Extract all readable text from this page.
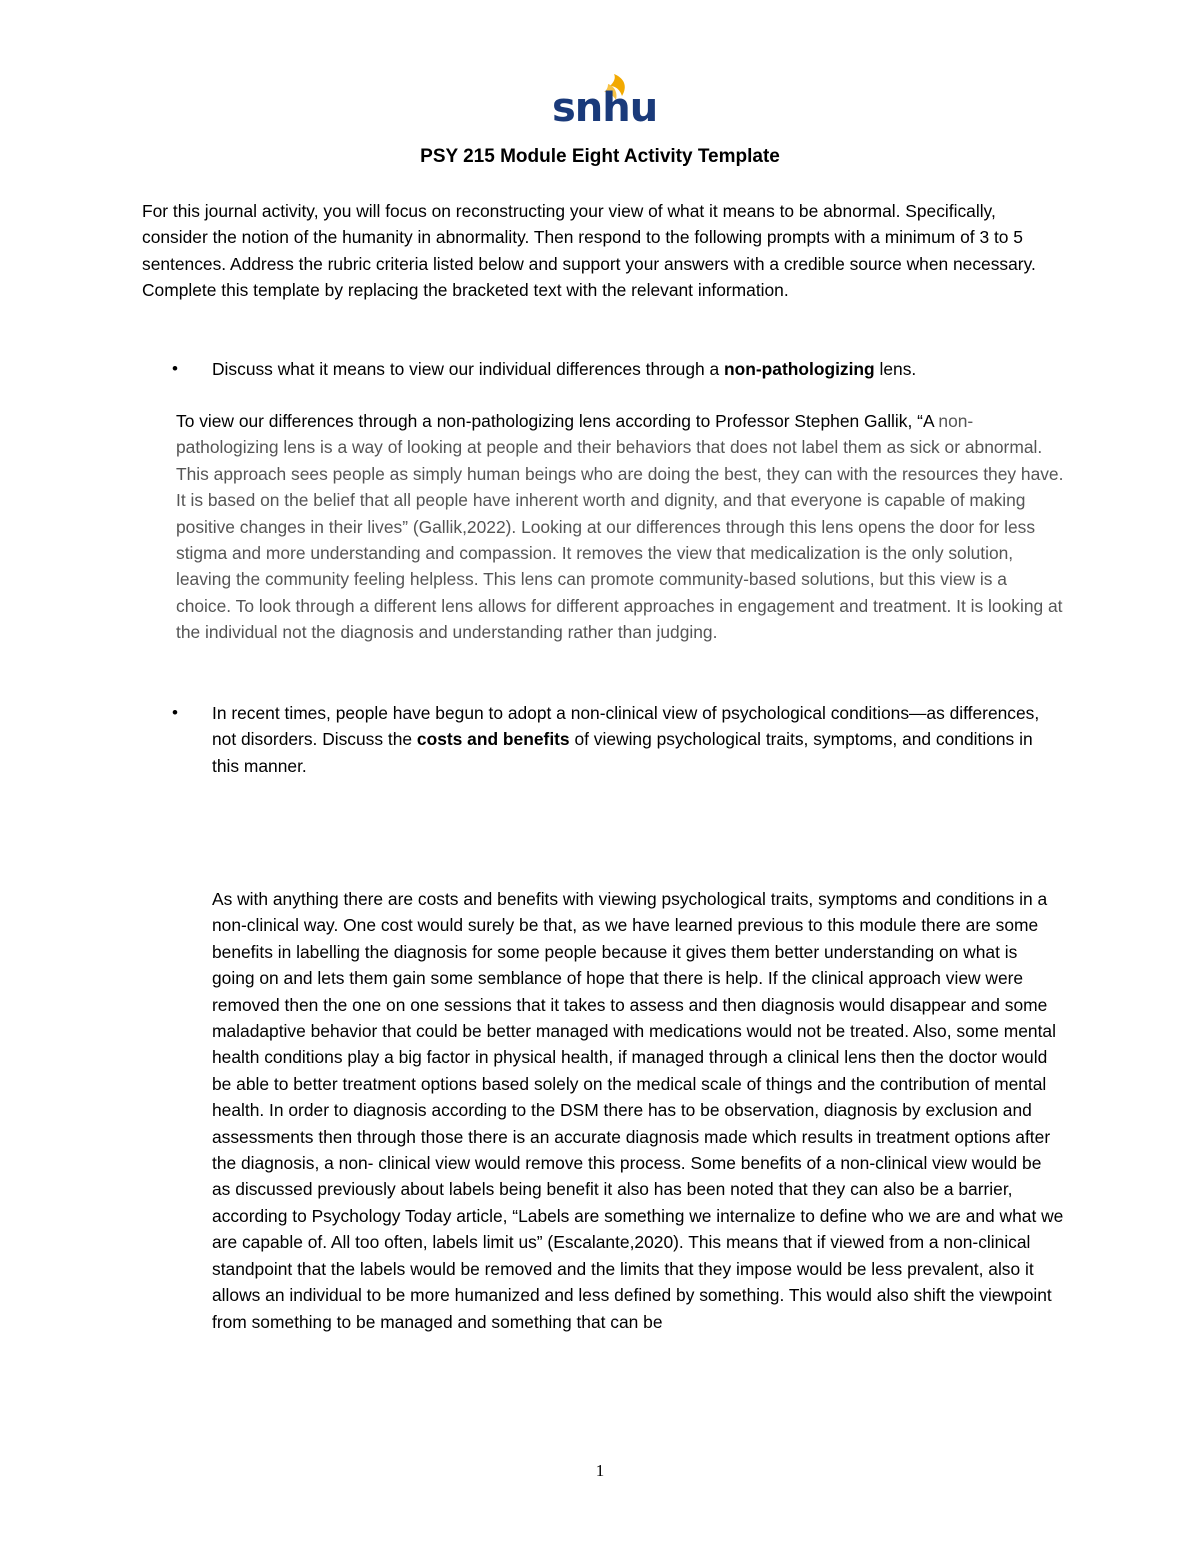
snhu
PSY 215 Module Eight Activity Template
For this journal activity, you will focus on reconstructing your view of what it means to be abnormal. Specifically, consider the notion of the humanity in abnormality. Then respond to the following prompts with a minimum of 3 to 5 sentences. Address the rubric criteria listed below and support your answers with a credible source when necessary. Complete this template by replacing the bracketed text with the relevant information.
•	Discuss what it means to view our individual differences through a non-pathologizing lens.
To view our differences through a non-pathologizing lens according to Professor Stephen Gallik, “A non-pathologizing lens is a way of looking at people and their behaviors that does not label them as sick or abnormal. This approach sees people as simply human beings who are doing the best, they can with the resources they have. It is based on the belief that all people have inherent worth and dignity, and that everyone is capable of making positive changes in their lives” (Gallik,2022). Looking at our differences through this lens opens the door for less stigma and more understanding and compassion. It removes the view that medicalization is the only solution, leaving the community feeling helpless. This lens can promote community-based solutions, but this view is a choice. To look through a different lens allows for different approaches in engagement and treatment. It is looking at the individual not the diagnosis and understanding rather than judging.
•	In recent times, people have begun to adopt a non-clinical view of psychological conditions—as differences, not disorders. Discuss the costs and benefits of viewing psychological traits, symptoms, and conditions in this manner.
As with anything there are costs and benefits with viewing psychological traits, symptoms and conditions in a non-clinical way. One cost would surely be that, as we have learned previous to this module there are some benefits in labelling the diagnosis for some people because it gives them better understanding on what is going on and lets them gain some semblance of hope that there is help. If the clinical approach view were removed then the one on one sessions that it takes to assess and then diagnosis would disappear and some maladaptive behavior that could be better managed with medications would not be treated. Also, some mental health conditions play a big factor in physical health, if managed through a clinical lens then the doctor would be able to better treatment options based solely on the medical scale of things and the contribution of mental health. In order to diagnosis according to the DSM there has to be observation, diagnosis by exclusion and assessments then through those there is an accurate diagnosis made which results in treatment options after the diagnosis, a non- clinical view would remove this process. Some benefits of a non-clinical view would be as discussed previously about labels being benefit it also has been noted that they can also be a barrier, according to Psychology Today article, “Labels are something we internalize to define who we are and what we are capable of. All too often, labels limit us” (Escalante,2020). This means that if viewed from a non-clinical standpoint that the labels would be removed and the limits that they impose would be less prevalent, also it allows an individual to be more humanized and less defined by something. This would also shift the viewpoint from something to be managed and something that can be
1
